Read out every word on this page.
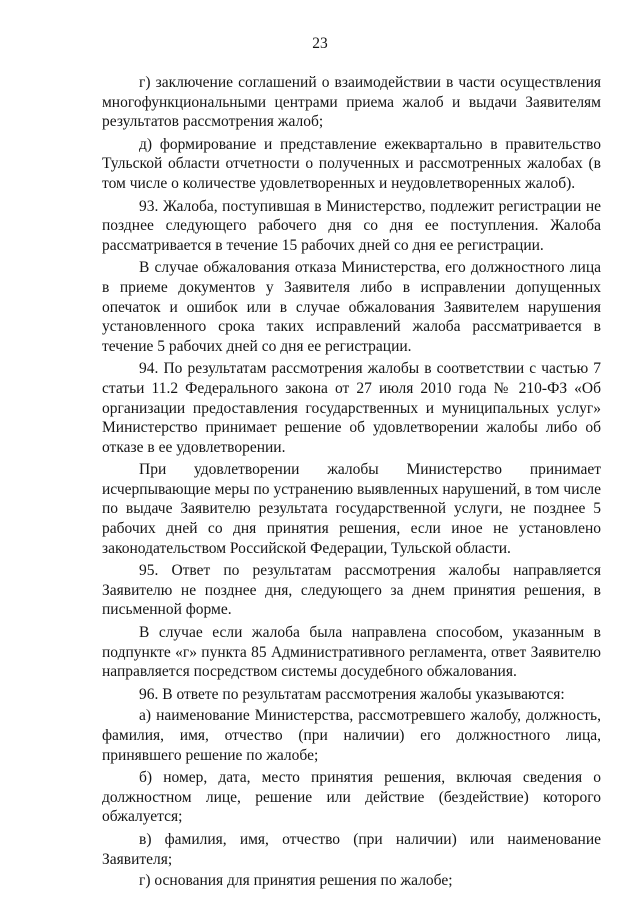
23

г) заключение соглашений о взаимодействии в части осуществления многофункциональными центрами приема жалоб и выдачи Заявителям результатов рассмотрения жалоб;

д) формирование и представление ежеквартально в правительство Тульской области отчетности о полученных и рассмотренных жалобах (в том числе о количестве удовлетворенных и неудовлетворенных жалоб).

93. Жалоба, поступившая в Министерство, подлежит регистрации не позднее следующего рабочего дня со дня ее поступления. Жалоба рассматривается в течение 15 рабочих дней со дня ее регистрации.

В случае обжалования отказа Министерства, его должностного лица в приеме документов у Заявителя либо в исправлении допущенных опечаток и ошибок или в случае обжалования Заявителем нарушения установленного срока таких исправлений жалоба рассматривается в течение 5 рабочих дней со дня ее регистрации.

94. По результатам рассмотрения жалобы в соответствии с частью 7 статьи 11.2 Федерального закона от 27 июля 2010 года № 210-ФЗ «Об организации предоставления государственных и муниципальных услуг» Министерство принимает решение об удовлетворении жалобы либо об отказе в ее удовлетворении.

При удовлетворении жалобы Министерство принимает исчерпывающие меры по устранению выявленных нарушений, в том числе по выдаче Заявителю результата государственной услуги, не позднее 5 рабочих дней со дня принятия решения, если иное не установлено законодательством Российской Федерации, Тульской области.

95. Ответ по результатам рассмотрения жалобы направляется Заявителю не позднее дня, следующего за днем принятия решения, в письменной форме.

В случае если жалоба была направлена способом, указанным в подпункте «г» пункта 85 Административного регламента, ответ Заявителю направляется посредством системы досудебного обжалования.

96. В ответе по результатам рассмотрения жалобы указываются:

а) наименование Министерства, рассмотревшего жалобу, должность, фамилия, имя, отчество (при наличии) его должностного лица, принявшего решение по жалобе;

б) номер, дата, место принятия решения, включая сведения о должностном лице, решение или действие (бездействие) которого обжалуется;

в) фамилия, имя, отчество (при наличии) или наименование Заявителя;

г) основания для принятия решения по жалобе;
